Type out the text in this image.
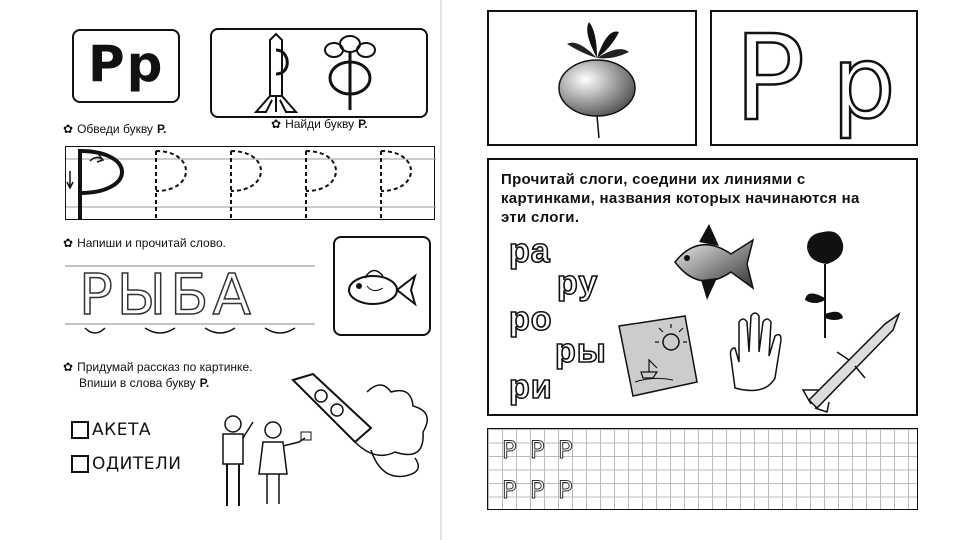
Рр
✿ Обведи букву Р.	✿ Найди букву Р.
✿ Напиши и прочитай слово.
РЫБА
✿ Придумай рассказ по картинке.
Впиши в слова букву Р.
АКЕТА
ОДИТЕЛИ
Р р
Прочитай слоги, соедини их линиями с
картинками, названия которых начинаются на
эти слоги.
ра
ру
ро
ры
ри
Р Р Р
Р Р Р
